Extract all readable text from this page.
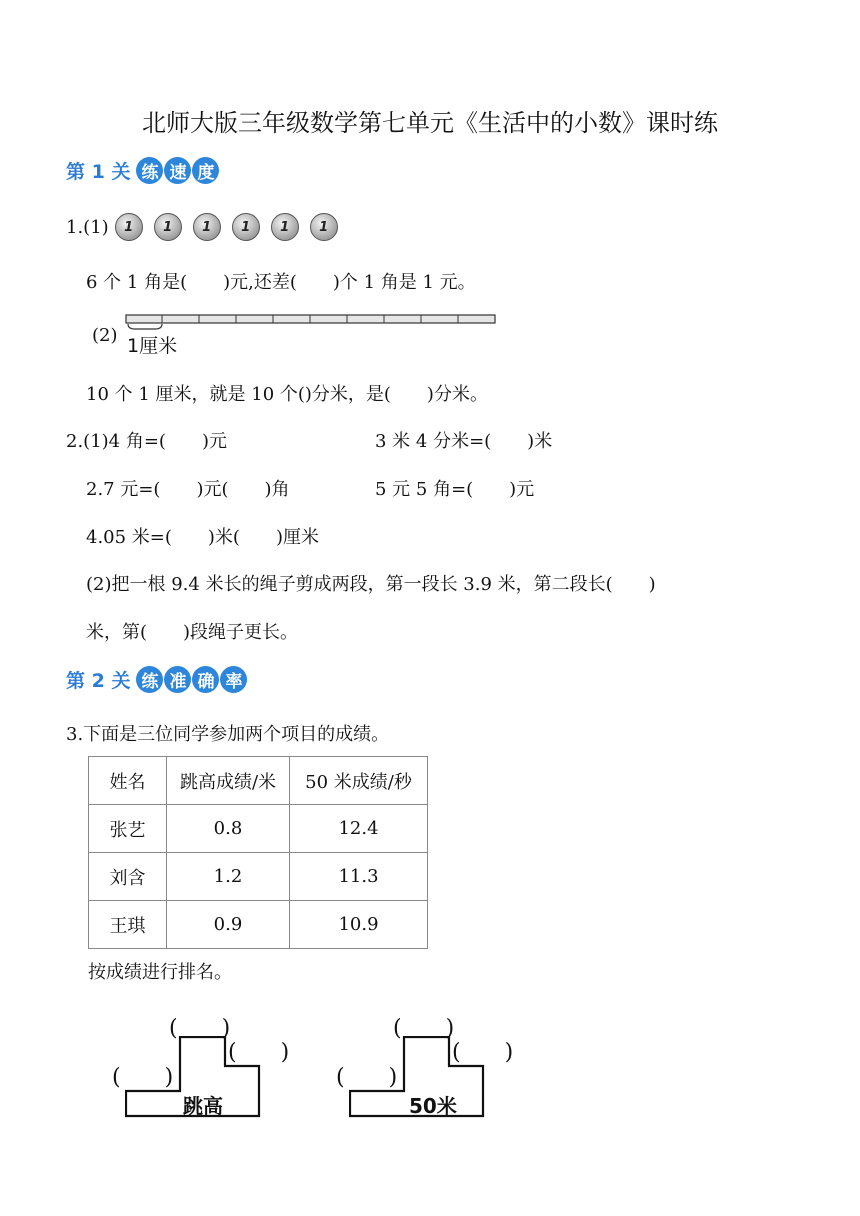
北师大版三年级数学第七单元《生活中的小数》课时练
第 1 关 练 速 度
1.(1)	1	1	1	1	1	1
6 个 1 角是(　　)元,还差(　　)个 1 角是 1 元。
(2) 1厘米
10 个 1 厘米，就是 10 个()分米，是(　　)分米。
2.(1)4 角=(　　)元	3 米 4 分米=(　　)米
2.7 元=(　　)元(　　)角	5 元 5 角=(　　)元
4.05 米=(　　)米(　　)厘米
(2)把一根 9.4 米长的绳子剪成两段，第一段长 3.9 米，第二段长(　　)
米，第(　　)段绳子更长。
第 2 关 练 准 确 率
3.下面是三位同学参加两个项目的成绩。
姓名	跳高成绩/米	50 米成绩/秒
张艺	0.8	12.4
刘含	1.2	11.3
王琪	0.9	10.9
按成绩进行排名。
跳高
(　　)
(　　)
(　　)
50米
(　　)
(　　)
(　　)
